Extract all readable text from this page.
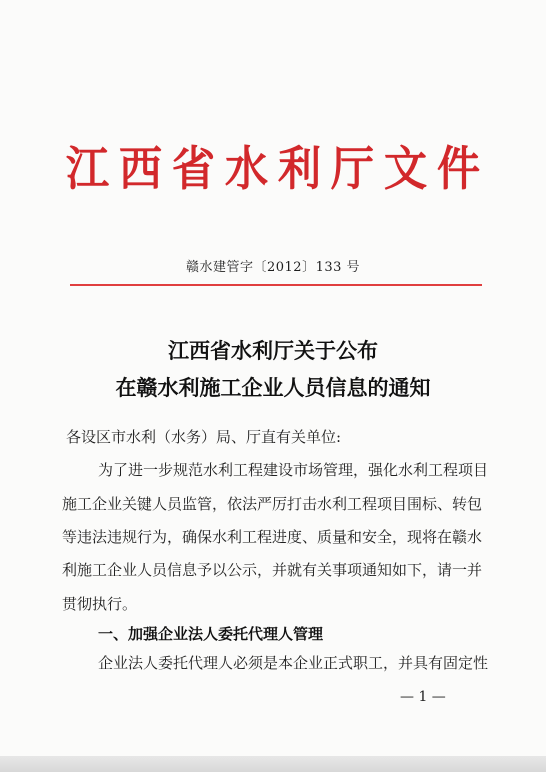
江 西 省 水 利 厅 文 件
赣水建管字〔2012〕133 号
江西省水利厅关于公布
在赣水利施工企业人员信息的通知
各设区市水利（水务）局、厅直有关单位:
为了进一步规范水利工程建设市场管理，强化水利工程项目
施工企业关键人员监管，依法严厉打击水利工程项目围标、转包
等违法违规行为，确保水利工程进度、质量和安全，现将在赣水
利施工企业人员信息予以公示，并就有关事项通知如下，请一并
贯彻执行。
一、加强企业法人委托代理人管理
企业法人委托代理人必须是本企业正式职工，并具有固定性
— 1 —
